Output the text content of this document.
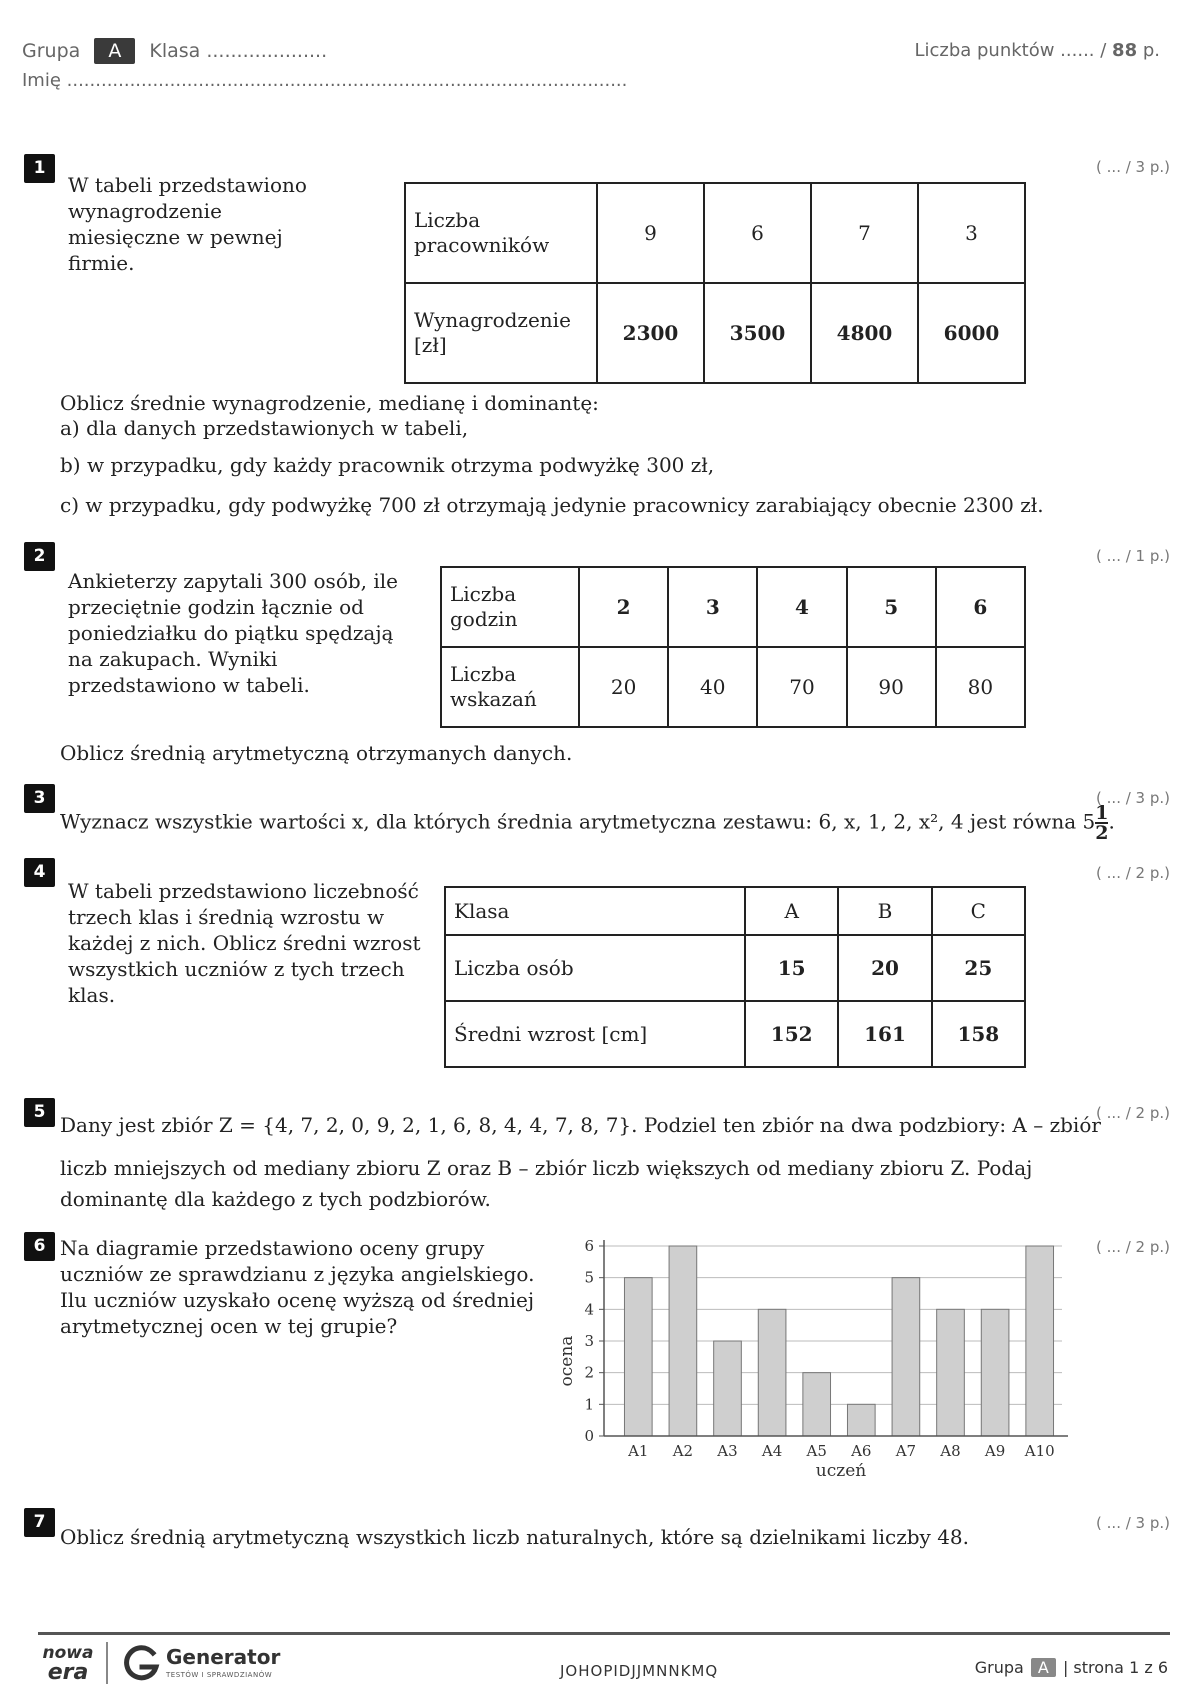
Grupa A Klasa ....................
Imię ..................................................................................................
Liczba punktów ...... / 88 p.
1	( ... / 3 p.)
W tabeli przedstawiono wynagrodzenie miesięczne w pewnej firmie.
Liczba pracowników	9	6	7	3
Wynagrodzenie [zł]	2300	3500	4800	6000
Oblicz średnie wynagrodzenie, medianę i dominantę:
a) dla danych przedstawionych w tabeli,
b) w przypadku, gdy każdy pracownik otrzyma podwyżkę 300 zł,
c) w przypadku, gdy podwyżkę 700 zł otrzymają jedynie pracownicy zarabiający obecnie 2300 zł.
2	( ... / 1 p.)
Ankieterzy zapytali 300 osób, ile przeciętnie godzin łącznie od poniedziałku do piątku spędzają na zakupach. Wyniki przedstawiono w tabeli.
Liczba godzin	2	3	4	5	6
Liczba wskazań	20	40	70	90	80
Oblicz średnią arytmetyczną otrzymanych danych.
3	( ... / 3 p.)
Wyznacz wszystkie wartości x, dla których średnia arytmetyczna zestawu: 6, x, 1, 2, x², 4 jest równa $5 \frac{1}{2}$ .
4	( ... / 2 p.)
W tabeli przedstawiono liczebność trzech klas i średnią wzrostu w każdej z nich. Oblicz średni wzrost wszystkich uczniów z tych trzech klas.
Klasa	A	B	C
Liczba osób	15	20	25
Średni wzrost [cm]	152	161	158
5	( ... / 2 p.)
Dany jest zbiór Z = {4, 7, 2, 0, 9, 2, 1, 6, 8, 4, 4, 7, 8, 7}. Podziel ten zbiór na dwa podzbiory: A – zbiór
liczb mniejszych od mediany zbioru Z oraz B – zbiór liczb większych od mediany zbioru Z. Podaj
dominantę dla każdego z tych podzbiorów.
6	( ... / 2 p.)
Na diagramie przedstawiono oceny grupy uczniów ze sprawdzianu z języka angielskiego. Ilu uczniów uzyskało ocenę wyższą od średniej arytmetycznej ocen w tej grupie?
0
1
2
3
4
5
6
A1 A2 A3 A4 A5 A6 A7 A8 A9 A10
uczeń
ocena
7	( ... / 3 p.)
Oblicz średnią arytmetyczną wszystkich liczb naturalnych, które są dzielnikami liczby 48.
nowa
era
Generator
TESTÓW I SPRAWDZIANÓW	JOHOPIDJJMNNKMQ	Grupa A | strona 1 z 6
